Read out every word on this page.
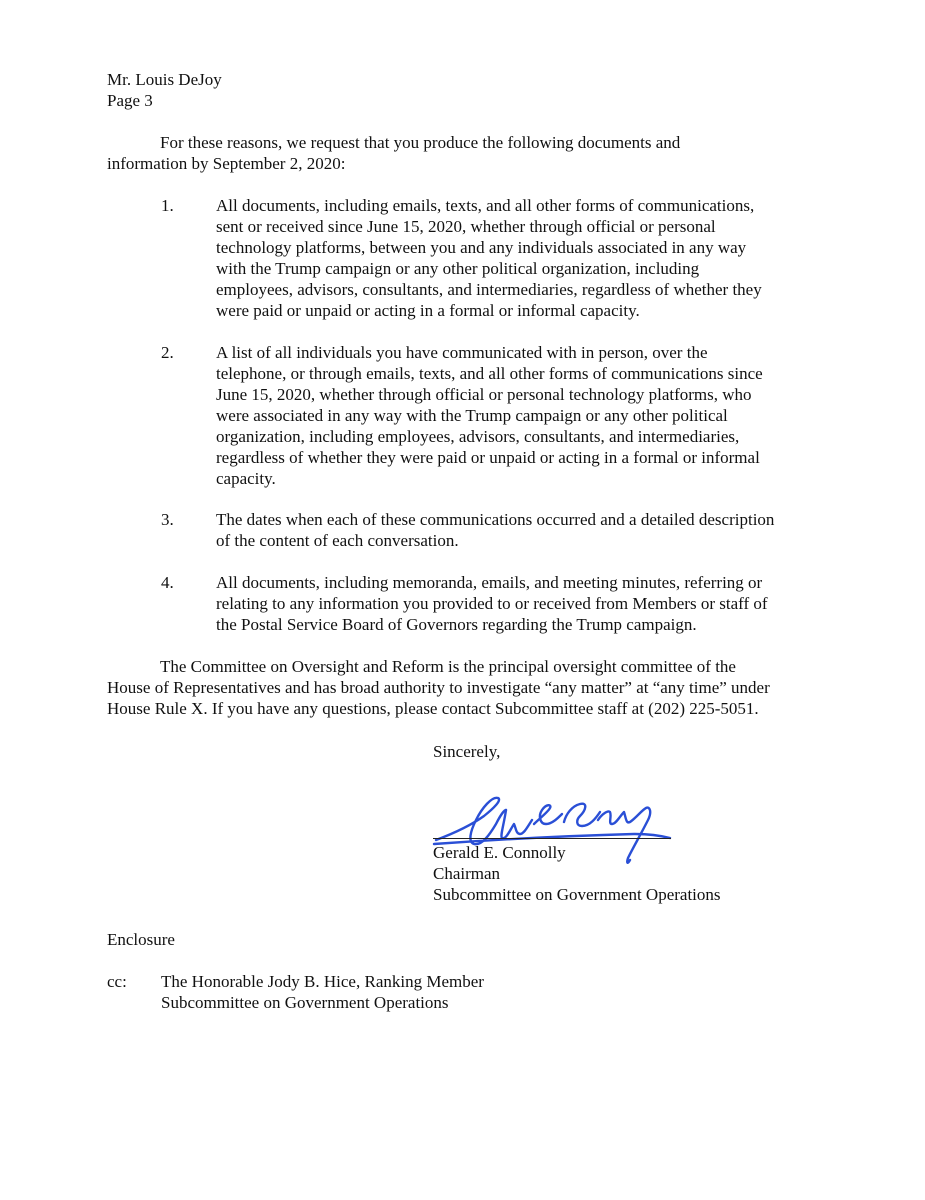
Mr. Louis DeJoy
Page 3
For these reasons, we request that you produce the following documents and
information by September 2, 2020:
1.	All documents, including emails, texts, and all other forms of communications,
sent or received since June 15, 2020, whether through official or personal
technology platforms, between you and any individuals associated in any way
with the Trump campaign or any other political organization, including
employees, advisors, consultants, and intermediaries, regardless of whether they
were paid or unpaid or acting in a formal or informal capacity.
2.	A list of all individuals you have communicated with in person, over the
telephone, or through emails, texts, and all other forms of communications since
June 15, 2020, whether through official or personal technology platforms, who
were associated in any way with the Trump campaign or any other political
organization, including employees, advisors, consultants, and intermediaries,
regardless of whether they were paid or unpaid or acting in a formal or informal
capacity.
3.	The dates when each of these communications occurred and a detailed description
of the content of each conversation.
4.	All documents, including memoranda, emails, and meeting minutes, referring or
relating to any information you provided to or received from Members or staff of
the Postal Service Board of Governors regarding the Trump campaign.
The Committee on Oversight and Reform is the principal oversight committee of the
House of Representatives and has broad authority to investigate “any matter” at “any time” under
House Rule X. If you have any questions, please contact Subcommittee staff at (202) 225-5051.
Sincerely,
Gerald E. Connolly
Chairman
Subcommittee on Government Operations
Enclosure
cc: The Honorable Jody B. Hice, Ranking Member
Subcommittee on Government Operations
